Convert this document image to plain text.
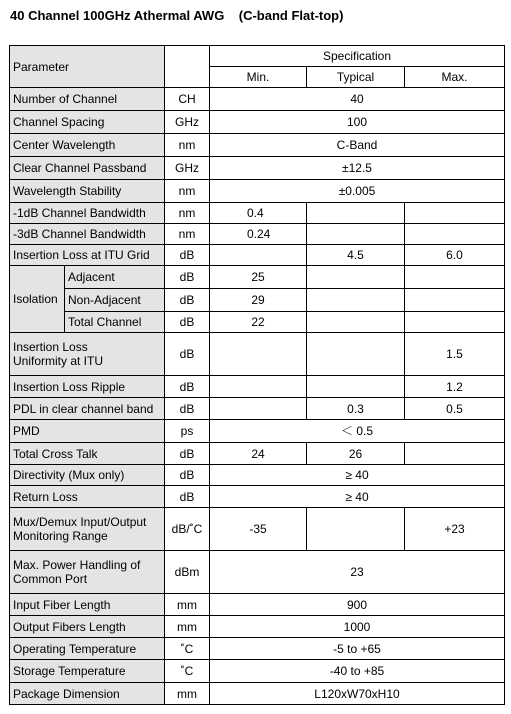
40 Channel 100GHz Athermal AWG    (C-band Flat-top)
Parameter			Specification		
			Min.	Typical	Max.
Number of Channel		CH	40		
Channel Spacing		GHz	100		
Center Wavelength		nm	C-Band		
Clear Channel Passband		GHz	±12.5		
Wavelength Stability		nm	±0.005		
-1dB Channel Bandwidth		nm	0.4		
-3dB Channel Bandwidth		nm	0.24		
Insertion Loss at ITU Grid		dB		4.5	6.0
Isolation	Adjacent	dB	25		
	Non-Adjacent	dB	29		
	Total Channel	dB	22		
Insertion Loss
Uniformity at ITU		dB			1.5
Insertion Loss Ripple		dB			1.2
PDL in clear channel band		dB		0.3	0.5
PMD		ps	＜ 0.5		
Total Cross Talk		dB	24	26	
Directivity (Mux only)		dB	≥ 40		
Return Loss		dB	≥ 40		
Mux/Demux Input/Output
Monitoring Range		dB/˚C	-35		+23
Max. Power Handling of
Common Port		dBm	23		
Input Fiber Length		mm	900		
Output Fibers Length		mm	1000		
Operating Temperature		˚C	-5 to +65		
Storage Temperature		˚C	-40 to +85		
Package Dimension		mm	L120xW70xH10		
